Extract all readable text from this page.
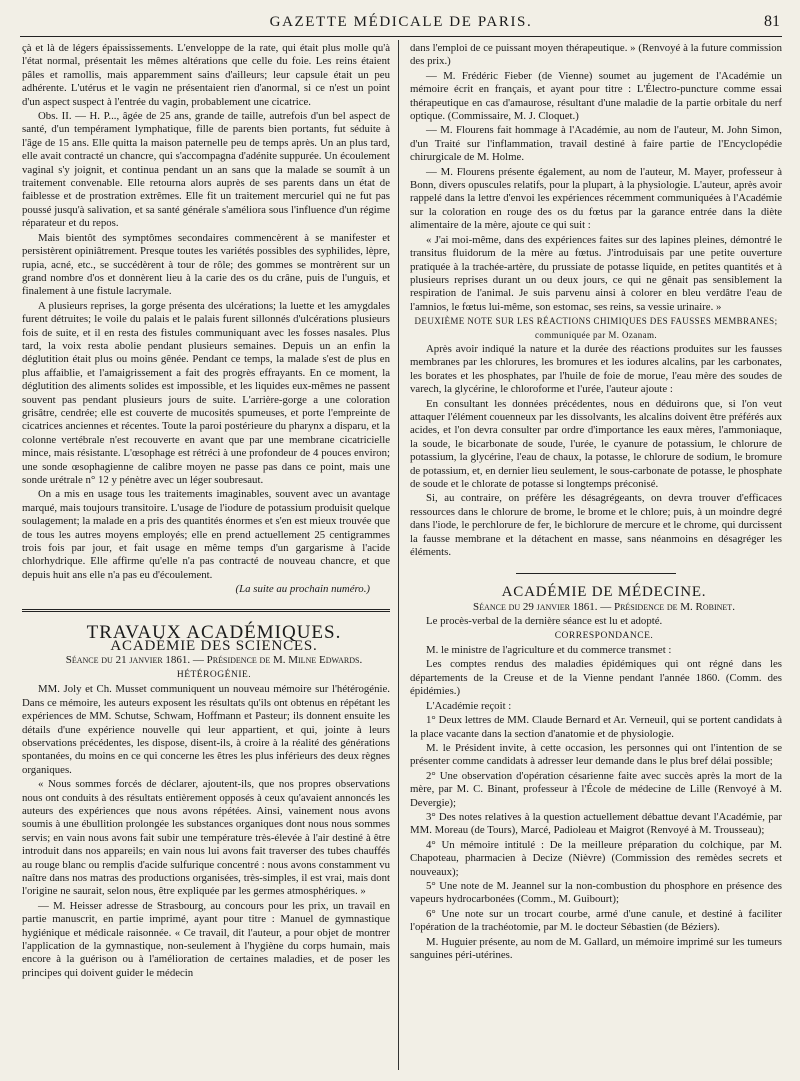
GAZETTE MÉDICALE DE PARIS.	81

çà et là de légers épaississements. L'enveloppe de la rate, qui était plus molle qu'à l'état normal, présentait les mêmes altérations que celle du foie. Les reins étaient pâles et ramollis, mais apparemment sains d'ailleurs; leur capsule était un peu adhérente. L'utérus et le vagin ne présentaient rien d'anormal, si ce n'est un point d'un aspect suspect à l'entrée du vagin, probablement une cicatrice.

Obs. II. — H. P..., âgée de 25 ans, grande de taille, autrefois d'un bel aspect de santé, d'un tempérament lymphatique, fille de parents bien portants, fut séduite à l'âge de 15 ans. Elle quitta la maison paternelle peu de temps après. Un an plus tard, elle avait contracté un chancre, qui s'accompagna d'adénite suppurée. Un écoulement vaginal s'y joignit, et continua pendant un an sans que la malade se soumît à un traitement convenable. Elle retourna alors auprès de ses parents dans un état de faiblesse et de prostration extrêmes. Elle fit un traitement mercuriel qui ne fut pas poussé jusqu'à salivation, et sa santé générale s'améliora sous l'influence d'un régime réparateur et du repos.

Mais bientôt des symptômes secondaires commencèrent à se manifester et persistèrent opiniâtrement. Presque toutes les variétés possibles des syphilides, lèpre, rupia, acné, etc., se succédèrent à tour de rôle; des gommes se montrèrent sur un grand nombre d'os et donnèrent lieu à la carie des os du crâne, puis de l'unguis, et finalement à une fistule lacrymale.

A plusieurs reprises, la gorge présenta des ulcérations; la luette et les amygdales furent détruites; le voile du palais et le palais furent sillonnés d'ulcérations plusieurs fois de suite, et il en resta des fistules communiquant avec les fosses nasales. Plus tard, la voix resta abolie pendant plusieurs semaines. Depuis un an enfin la déglutition était plus ou moins gênée. Pendant ce temps, la malade s'est de plus en plus affaiblie, et l'amaigrissement a fait des progrès effrayants. En ce moment, la déglutition des aliments solides est impossible, et les liquides eux-mêmes ne passent souvent pas pendant plusieurs jours de suite. L'arrière-gorge a une coloration grisâtre, cendrée; elle est couverte de mucosités spumeuses, et porte l'empreinte de cicatrices anciennes et récentes. Toute la paroi postérieure du pharynx a disparu, et la colonne vertébrale n'est recouverte en avant que par une membrane cicatricielle mince, mais résistante. L'œsophage est rétréci à une profondeur de 4 pouces environ; une sonde œsophagienne de calibre moyen ne passe pas dans ce point, mais une sonde urétrale n° 12 y pénètre avec un léger soubresaut.

On a mis en usage tous les traitements imaginables, souvent avec un avantage marqué, mais toujours transitoire. L'usage de l'iodure de potassium produisit quelque soulagement; la malade en a pris des quantités énormes et s'en est mieux trouvée que de tous les autres moyens employés; elle en prend actuellement 25 centigrammes trois fois par jour, et fait usage en même temps d'un gargarisme à l'acide chlorhydrique. Elle affirme qu'elle n'a pas contracté de nouveau chancre, et que depuis huit ans elle n'a pas eu d'écoulement.

(La suite au prochain numéro.)

TRAVAUX ACADÉMIQUES.

ACADÉMIE DES SCIENCES.

Séance du 21 janvier 1861. — Présidence de M. Milne Edwards.

HÉTÉROGÉNIE.

MM. Joly et Ch. Musset communiquent un nouveau mémoire sur l'hétérogénie. Dans ce mémoire, les auteurs exposent les résultats qu'ils ont obtenus en répétant les expériences de MM. Schutse, Schwam, Hoffmann et Pasteur; ils donnent ensuite les détails d'une expérience nouvelle qui leur appartient, et qui, jointe à leurs observations précédentes, les dispose, disent-ils, à croire à la réalité des générations spontanées, du moins en ce qui concerne les êtres les plus inférieurs des deux règnes organiques.

« Nous sommes forcés de déclarer, ajoutent-ils, que nos propres observations nous ont conduits à des résultats entièrement opposés à ceux qu'avaient annoncés les auteurs des expériences que nous avons répétées. Ainsi, vainement nous avons soumis à une ébullition prolongée les substances organiques dont nous nous sommes servis; en vain nous avons fait subir une température très-élevée à l'air destiné à être introduit dans nos appareils; en vain nous lui avons fait traverser des tubes chauffés au rouge blanc ou remplis d'acide sulfurique concentré : nous avons constamment vu naître dans nos matras des productions organisées, très-simples, il est vrai, mais dont l'origine ne saurait, selon nous, être expliquée par les germes atmosphériques. »

— M. Heisser adresse de Strasbourg, au concours pour les prix, un travail en partie manuscrit, en partie imprimé, ayant pour titre : Manuel de gymnastique hygiénique et médicale raisonnée. « Ce travail, dit l'auteur, a pour objet de montrer l'application de la gymnastique, non-seulement à l'hygiène du corps humain, mais encore à la guérison ou à l'amélioration de certaines maladies, et de poser les principes qui doivent guider le médecin

dans l'emploi de ce puissant moyen thérapeutique. » (Renvoyé à la future commission des prix.)

— M. Frédéric Fieber (de Vienne) soumet au jugement de l'Académie un mémoire écrit en français, et ayant pour titre : L'Électro-puncture comme essai thérapeutique en cas d'amaurose, résultant d'une maladie de la partie orbitale du nerf optique. (Commissaire, M. J. Cloquet.)

— M. Flourens fait hommage à l'Académie, au nom de l'auteur, M. John Simon, d'un Traité sur l'inflammation, travail destiné à faire partie de l'Encyclopédie chirurgicale de M. Holme.

— M. Flourens présente également, au nom de l'auteur, M. Mayer, professeur à Bonn, divers opuscules relatifs, pour la plupart, à la physiologie. L'auteur, après avoir rappelé dans la lettre d'envoi les expériences récemment communiquées à l'Académie sur la coloration en rouge des os du fœtus par la garance entrée dans la diète alimentaire de la mère, ajoute ce qui suit :

« J'ai moi-même, dans des expériences faites sur des lapines pleines, démontré le transitus fluidorum de la mère au fœtus. J'introduisais par une petite ouverture pratiquée à la trachée-artère, du prussiate de potasse liquide, en petites quantités et à plusieurs reprises durant un ou deux jours, ce qui ne gênait pas sensiblement la respiration de l'animal. Je suis parvenu ainsi à colorer en bleu verdâtre l'eau de l'amnios, le fœtus lui-même, son estomac, ses reins, sa vessie urinaire. »

DEUXIÈME NOTE SUR LES RÉACTIONS CHIMIQUES DES FAUSSES MEMBRANES; communiquée par M. Ozanam.

Après avoir indiqué la nature et la durée des réactions produites sur les fausses membranes par les chlorures, les bromures et les iodures alcalins, par les carbonates, les borates et les phosphates, par l'huile de foie de morue, l'eau mère des soudes de varech, la glycérine, le chloroforme et l'urée, l'auteur ajoute :

En consultant les données précédentes, nous en déduirons que, si l'on veut attaquer l'élément couenneux par les dissolvants, les alcalins doivent être préférés aux acides, et l'on devra consulter par ordre d'importance les eaux mères, l'ammoniaque, la soude, le bicarbonate de soude, l'urée, le cyanure de potassium, le chlorure de potassium, la glycérine, l'eau de chaux, la potasse, le chlorure de sodium, le bromure de potassium, et, en dernier lieu seulement, le sous-carbonate de potasse, le phosphate de soude et le chlorate de potasse si longtemps préconisé.

Si, au contraire, on préfère les désagrégeants, on devra trouver d'efficaces ressources dans le chlorure de brome, le brome et le chlore; puis, à un moindre degré dans l'iode, le perchlorure de fer, le bichlorure de mercure et le chrome, qui durcissent la fausse membrane et la détachent en masse, sans néanmoins en désagréger les éléments.

ACADÉMIE DE MÉDECINE.

Séance du 29 janvier 1861. — Présidence de M. Robinet.

Le procès-verbal de la dernière séance est lu et adopté.

CORRESPONDANCE.

M. le ministre de l'agriculture et du commerce transmet :

Les comptes rendus des maladies épidémiques qui ont régné dans les départements de la Creuse et de la Vienne pendant l'année 1860. (Comm. des épidémies.)

L'Académie reçoit :

1° Deux lettres de MM. Claude Bernard et Ar. Verneuil, qui se portent candidats à la place vacante dans la section d'anatomie et de physiologie.

M. le Président invite, à cette occasion, les personnes qui ont l'intention de se présenter comme candidats à adresser leur demande dans le plus bref délai possible;

2° Une observation d'opération césarienne faite avec succès après la mort de la mère, par M. C. Binant, professeur à l'École de médecine de Lille (Renvoyé à M. Devergie);

3° Des notes relatives à la question actuellement débattue devant l'Académie, par MM. Moreau (de Tours), Marcé, Padioleau et Maigrot (Renvoyé à M. Trousseau);

4° Un mémoire intitulé : De la meilleure préparation du colchique, par M. Chapoteau, pharmacien à Decize (Nièvre) (Commission des remèdes secrets et nouveaux);

5° Une note de M. Jeannel sur la non-combustion du phosphore en présence des vapeurs hydrocarbonées (Comm., M. Guibourt);

6° Une note sur un trocart courbe, armé d'une canule, et destiné à faciliter l'opération de la trachéotomie, par M. le docteur Sébastien (de Béziers).

M. Huguier présente, au nom de M. Gallard, un mémoire imprimé sur les tumeurs sanguines péri-utérines.
